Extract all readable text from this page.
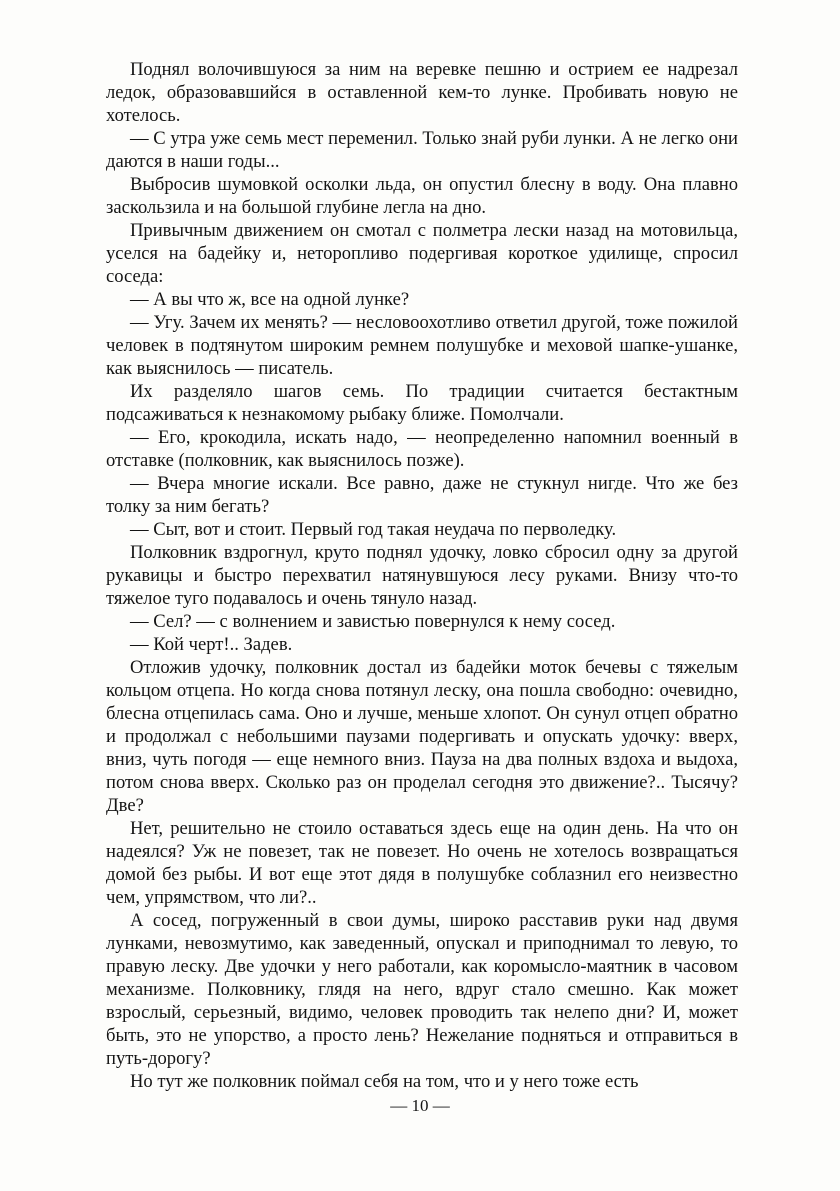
Поднял волочившуюся за ним на веревке пешню и острием ее надрезал ледок, образовавшийся в оставленной кем-то лунке. Пробивать новую не хотелось.

— С утра уже семь мест переменил. Только знай руби лунки. А не легко они даются в наши годы...

Выбросив шумовкой осколки льда, он опустил блесну в воду. Она плавно заскользила и на большой глубине легла на дно.

Привычным движением он смотал с полметра лески назад на мотовильца, уселся на бадейку и, неторопливо подергивая короткое удилище, спросил соседа:

— А вы что ж, все на одной лунке?

— Угу. Зачем их менять? — несловоохотливо ответил другой, тоже пожилой человек в подтянутом широким ремнем полушубке и меховой шапке-ушанке, как выяснилось — писатель.

Их разделяло шагов семь. По традиции считается бестактным подсаживаться к незнакомому рыбаку ближе. Помолчали.

— Его, крокодила, искать надо, — неопределенно напомнил военный в отставке (полковник, как выяснилось позже).

— Вчера многие искали. Все равно, даже не стукнул нигде. Что же без толку за ним бегать?

— Сыт, вот и стоит. Первый год такая неудача по перволедку.

Полковник вздрогнул, круто поднял удочку, ловко сбросил одну за другой рукавицы и быстро перехватил натянувшуюся лесу руками. Внизу что-то тяжелое туго подавалось и очень тянуло назад.

— Сел? — с волнением и завистью повернулся к нему сосед.

— Кой черт!.. Задев.

Отложив удочку, полковник достал из бадейки моток бечевы с тяжелым кольцом отцепа. Но когда снова потянул леску, она пошла свободно: очевидно, блесна отцепилась сама. Оно и лучше, меньше хлопот. Он сунул отцеп обратно и продолжал с небольшими паузами подергивать и опускать удочку: вверх, вниз, чуть погодя — еще немного вниз. Пауза на два полных вздоха и выдоха, потом снова вверх. Сколько раз он проделал сегодня это движение?.. Тысячу? Две?

Нет, решительно не стоило оставаться здесь еще на один день. На что он надеялся? Уж не повезет, так не повезет. Но очень не хотелось возвращаться домой без рыбы. И вот еще этот дядя в полушубке соблазнил его неизвестно чем, упрямством, что ли?..

А сосед, погруженный в свои думы, широко расставив руки над двумя лунками, невозмутимо, как заведенный, опускал и приподнимал то левую, то правую леску. Две удочки у него работали, как коромысло-маятник в часовом механизме. Полковнику, глядя на него, вдруг стало смешно. Как может взрослый, серьезный, видимо, человек проводить так нелепо дни? И, может быть, это не упорство, а просто лень? Нежелание подняться и отправиться в путь-дорогу?

Но тут же полковник поймал себя на том, что и у него тоже есть

— 10 —
